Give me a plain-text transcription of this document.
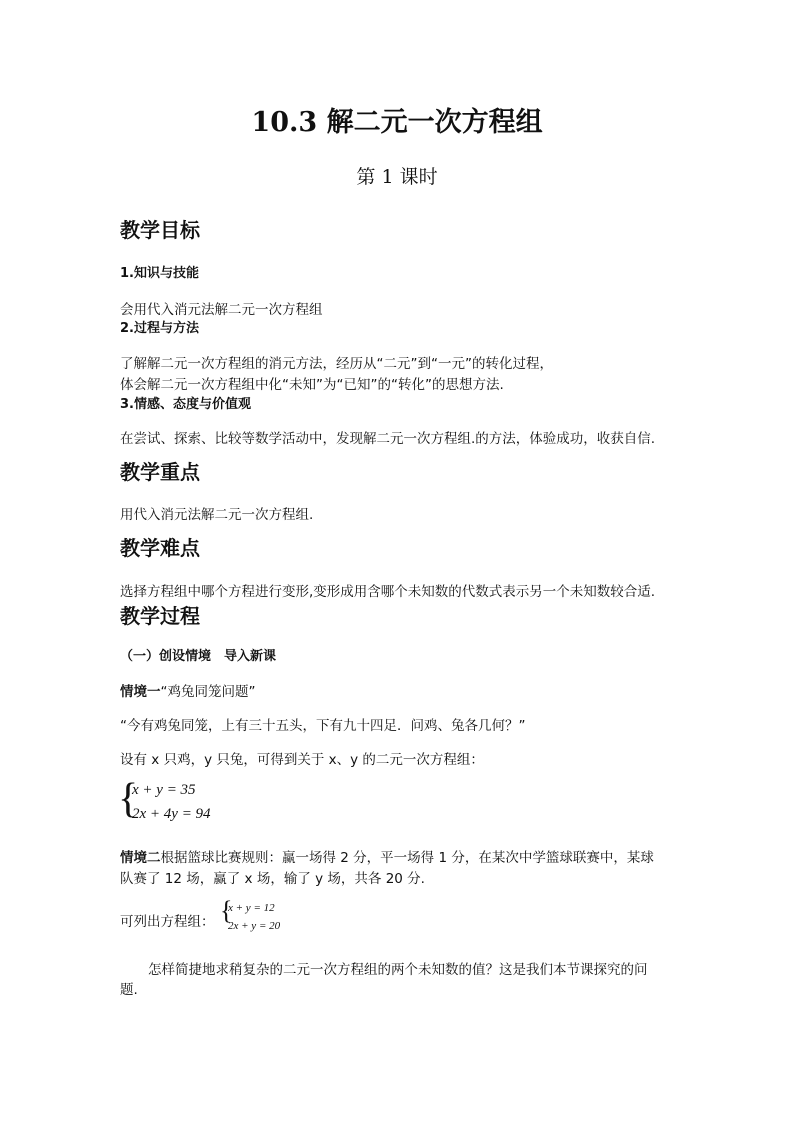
10.3 解二元一次方程组
第 1 课时
教学目标
1.知识与技能
会用代入消元法解二元一次方程组
2.过程与方法
了解解二元一次方程组的消元方法，经历从“二元”到“一元”的转化过程，
体会解二元一次方程组中化“未知”为“已知”的“转化”的思想方法.
3.情感、态度与价值观
在尝试、探索、比较等数学活动中，发现解二元一次方程组.的方法，体验成功，收获自信.
教学重点
用代入消元法解二元一次方程组.
教学难点
选择方程组中哪个方程进行变形,变形成用含哪个未知数的代数式表示另一个未知数较合适.
教学过程
（一）创设情境　导入新课
情境一“鸡兔同笼问题”
“今有鸡兔同笼，上有三十五头，下有九十四足．问鸡、兔各几何？”
设有 x 只鸡，y 只兔，可得到关于 x、y 的二元一次方程组：
{
x + y = 35
2x + 4y = 94
情境二根据篮球比赛规则：赢一场得 2 分，平一场得 1 分，在某次中学篮球联赛中，某球
队赛了 12 场，赢了 x 场，输了 y 场，共各 20 分.
可列出方程组： {
x + y = 12
2x + y = 20
怎样简捷地求稍复杂的二元一次方程组的两个未知数的值？这是我们本节课探究的问
题.
